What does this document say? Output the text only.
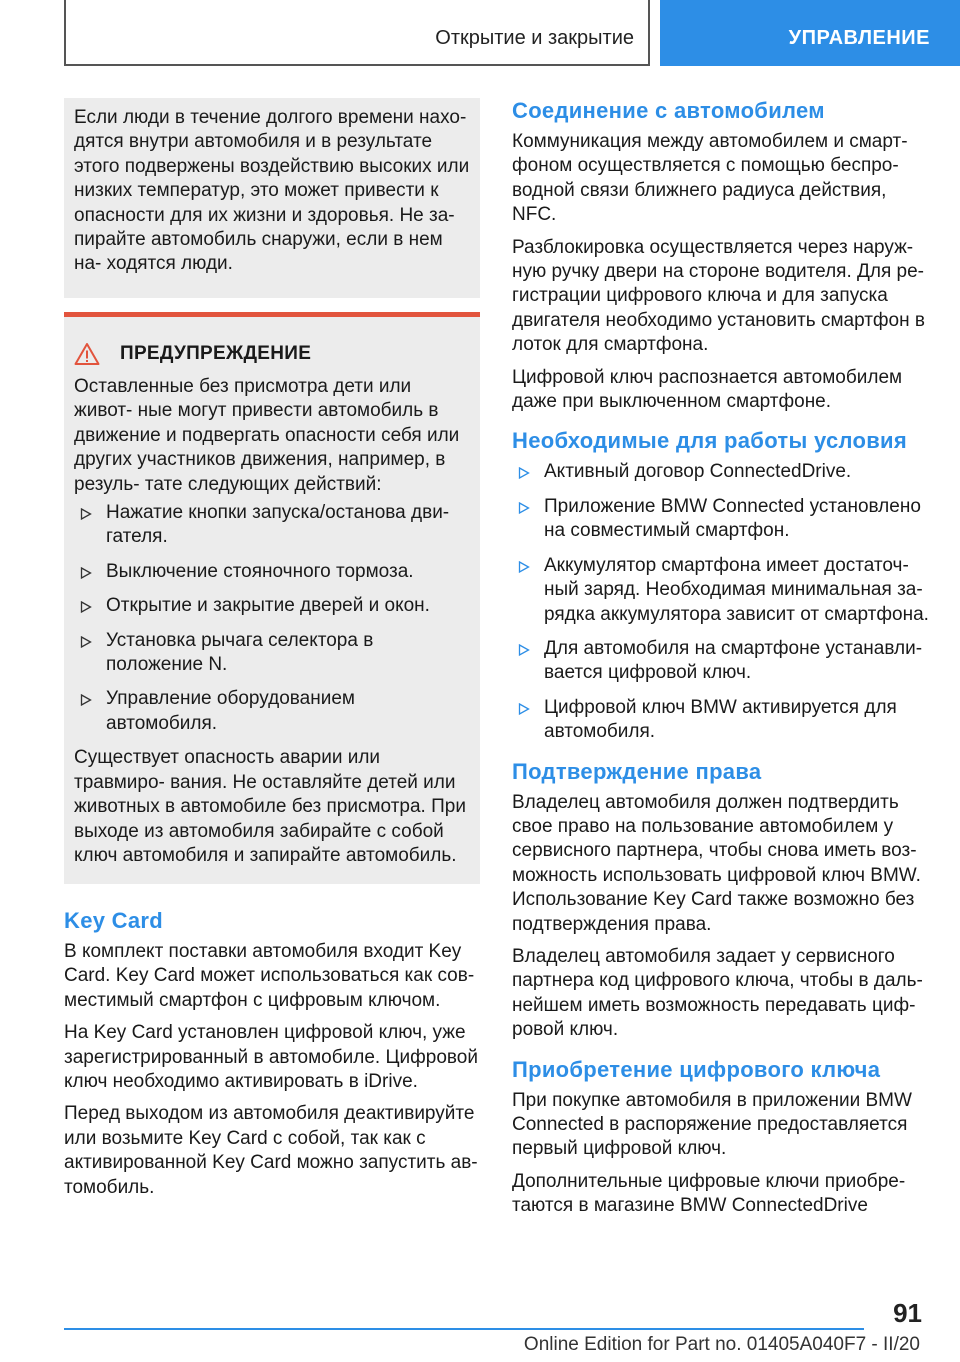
Открытие и закрытие	УПРАВЛЕНИЕ

Если люди в течение долгого времени нахо- дятся внутри автомобиля и в результате этого подвержены воздействию высоких или низких температур, это может привести к опасности для их жизни и здоровья. Не за- пирайте автомобиль снаружи, если в нем на- ходятся люди.

ПРЕДУПРЕЖДЕНИЕ

Оставленные без присмотра дети или живот- ные могут привести автомобиль в движение и подвергать опасности себя или других участников движения, например, в резуль- тате следующих действий:

Нажатие кнопки запуска/останова дви- гателя.
Выключение стояночного тормоза.
Открытие и закрытие дверей и окон.
Установка рычага селектора в положение N.
Управление оборудованием автомобиля.

Существует опасность аварии или травмиро- вания. Не оставляйте детей или животных в автомобиле без присмотра. При выходе из автомобиля забирайте с собой ключ автомобиля и запирайте автомобиль.

Key Card

В комплект поставки автомобиля входит Key Card. Key Card может использоваться как сов- местимый смартфон с цифровым ключом.

На Key Card установлен цифровой ключ, уже зарегистрированный в автомобиле. Цифровой ключ необходимо активировать в iDrive.

Перед выходом из автомобиля деактивируйте или возьмите Key Card с собой, так как с активированной Key Card можно запустить ав- томобиль.

Соединение с автомобилем

Коммуникация между автомобилем и смарт- фоном осуществляется с помощью беспро- водной связи ближнего радиуса действия, NFC.

Разблокировка осуществляется через наруж- ную ручку двери на стороне водителя. Для ре- гистрации цифрового ключа и для запуска двигателя необходимо установить смартфон в лоток для смартфона.

Цифровой ключ распознается автомобилем даже при выключенном смартфоне.

Необходимые для работы условия
Активный договор ConnectedDrive.
Приложение BMW Connected установлено на совместимый смартфон.
Аккумулятор смартфона имеет достаточ- ный заряд. Необходимая минимальная за- рядка аккумулятора зависит от смартфона.
Для автомобиля на смартфоне устанавли- вается цифровой ключ.
Цифровой ключ BMW активируется для автомобиля.
Подтверждение права

Владелец автомобиля должен подтвердить свое право на пользование автомобилем у сервисного партнера, чтобы снова иметь воз- можность использовать цифровой ключ BMW. Использование Key Card также возможно без подтверждения права.

Владелец автомобиля задает у сервисного партнера код цифрового ключа, чтобы в даль- нейшем иметь возможность передавать циф- ровой ключ.

Приобретение цифрового ключа

При покупке автомобиля в приложении BMW Connected в распоряжение предоставляется первый цифровой ключ.

Дополнительные цифровые ключи приобре- таются в магазине BMW ConnectedDrive

91
Online Edition for Part no. 01405A040F7 - II/20
